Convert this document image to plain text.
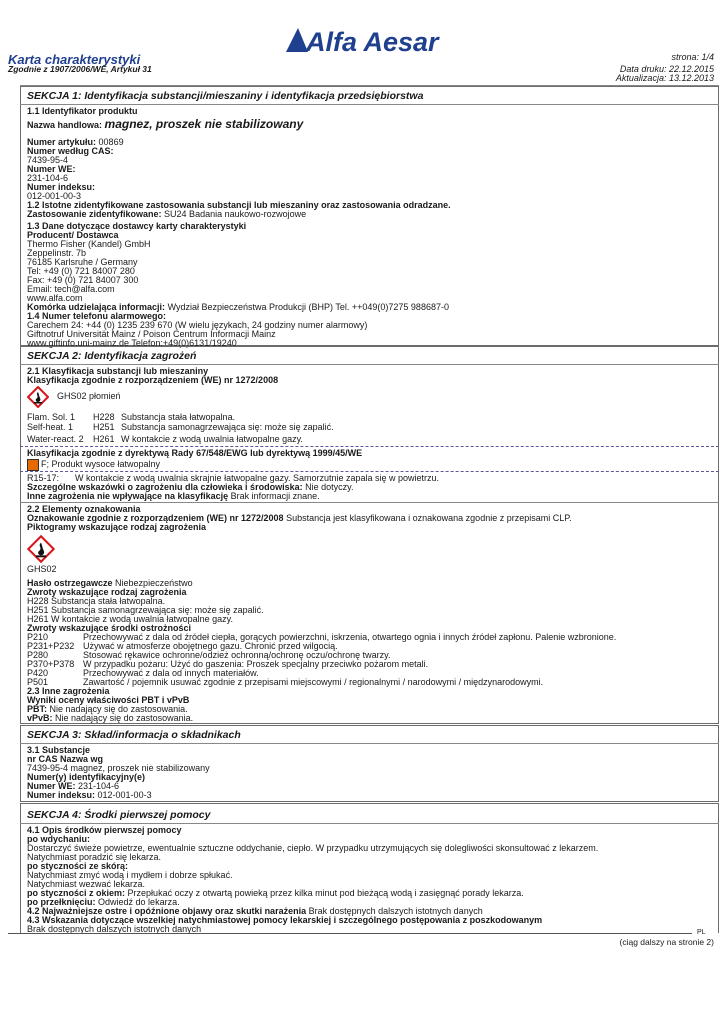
Alfa Aesar
Karta charakterystyki
Zgodnie z 1907/2006/WE, Artykuł 31
strona: 1/4
Data druku: 22.12.2015
Aktualizacja: 13.12.2013
SEKCJA 1: Identyfikacja substancji/mieszaniny i identyfikacja przedsiębiorstwa
1.1 Identyfikator produktu
Nazwa handlowa: magnez, proszek nie stabilizowany
Numer artykułu: 00869
Numer według CAS:
7439-95-4
Numer WE:
231-104-6
Numer indeksu:
012-001-00-3
1.2 Istotne zidentyfikowane zastosowania substancji lub mieszaniny oraz zastosowania odradzane.
Zastosowanie zidentyfikowane: SU24 Badania naukowo-rozwojowe
1.3 Dane dotyczące dostawcy karty charakterystyki
Producent/ Dostawca
Thermo Fisher (Kandel) GmbH
Zeppelinstr. 7b
76185 Karlsruhe / Germany
Tel: +49 (0) 721 84007 280
Fax: +49 (0) 721 84007 300
Email: tech@alfa.com
www.alfa.com
Komórka udzielająca informacji: Wydział Bezpieczeństwa Produkcji (BHP) Tel. ++049(0)7275 988687-0
1.4 Numer telefonu alarmowego:
Carechem 24: +44 (0) 1235 239 670 (W wielu językach, 24 godziny numer alarmowy)
Giftnotruf Universität Mainz / Poison Centrum Informacji Mainz
www.giftinfo.uni-mainz.de Telefon:+49(0)6131/19240
SEKCJA 2: Identyfikacja zagrożeń
2.1 Klasyfikacja substancji lub mieszaniny
Klasyfikacja zgodnie z rozporządzeniem (WE) nr 1272/2008
GHS02 płomień
Flam. Sol. 1 H228 Substancja stała łatwopalna.
Self-heat. 1 H251 Substancja samonagrzewająca się: może się zapalić.
Water-react. 2 H261 W kontakcie z wodą uwalnia łatwopalne gazy.
Klasyfikacja zgodnie z dyrektywą Rady 67/548/EWG lub dyrektywą 1999/45/WE
F; Produkt wysoce łatwopalny
R15-17: W kontakcie z wodą uwalnia skrajnie łatwopalne gazy. Samorzutnie zapala się w powietrzu.
Szczególne wskazówki o zagrożeniu dla człowieka i środowiska: Nie dotyczy.
Inne zagrożenia nie wpływające na klasyfikację Brak informacji znane.
2.2 Elementy oznakowania
Oznakowanie zgodnie z rozporządzeniem (WE) nr 1272/2008 Substancja jest klasyfikowana i oznakowana zgodnie z przepisami CLP.
Piktogramy wskazujące rodzaj zagrożenia
GHS02
Hasło ostrzegawcze Niebezpieczeństwo
Zwroty wskazujące rodzaj zagrożenia
H228 Substancja stała łatwopalna.
H251 Substancja samonagrzewająca się: może się zapalić.
H261 W kontakcie z wodą uwalnia łatwopalne gazy.
Zwroty wskazujące środki ostrożności
P210	Przechowywać z dala od źródeł ciepła, gorących powierzchni, iskrzenia, otwartego ognia i innych źródeł zapłonu. Palenie wzbronione.
P231+P232 Używać w atmosferze obojętnego gazu. Chronić przed wilgocią.
P280	Stosować rękawice ochronne/odzież ochronną/ochronę oczu/ochronę twarzy.
P370+P378 W przypadku pożaru: Użyć do gaszenia: Proszek specjalny przeciwko pożarom metali.
P420	Przechowywać z dala od innych materiałów.
P501	Zawartość / pojemnik usuwać zgodnie z przepisami miejscowymi / regionalnymi / narodowymi / międzynarodowymi.
2.3 Inne zagrożenia
Wyniki oceny właściwości PBT i vPvB
PBT: Nie nadający się do zastosowania.
vPvB: Nie nadający się do zastosowania.
SEKCJA 3: Skład/informacja o składnikach
3.1 Substancje
nr CAS Nazwa wg
7439-95-4 magnez, proszek nie stabilizowany
Numer(y) identyfikacyjny(e)
Numer WE: 231-104-6
Numer indeksu: 012-001-00-3
SEKCJA 4: Środki pierwszej pomocy
4.1 Opis środków pierwszej pomocy
po wdychaniu:
Dostarczyć świeże powietrze, ewentualnie sztuczne oddychanie, ciepło. W przypadku utrzymujących się dolegliwości skonsultować z lekarzem.
Natychmiast poradzić się lekarza.
po styczności ze skórą:
Natychmiast zmyć wodą i mydłem i dobrze spłukać.
Natychmiast wezwać lekarza.
po styczności z okiem: Przepłukać oczy z otwartą powieką przez kilka minut pod bieżącą wodą i zasięgnąć porady lekarza.
po przełknięciu: Odwiedź do lekarza.
4.2 Najważniejsze ostre i opóźnione objawy oraz skutki narażenia Brak dostępnych dalszych istotnych danych
4.3 Wskazania dotyczące wszelkiej natychmiastowej pomocy lekarskiej i szczególnego postępowania z poszkodowanym
Brak dostępnych dalszych istotnych danych	PL
(ciąg dalszy na stronie 2)
